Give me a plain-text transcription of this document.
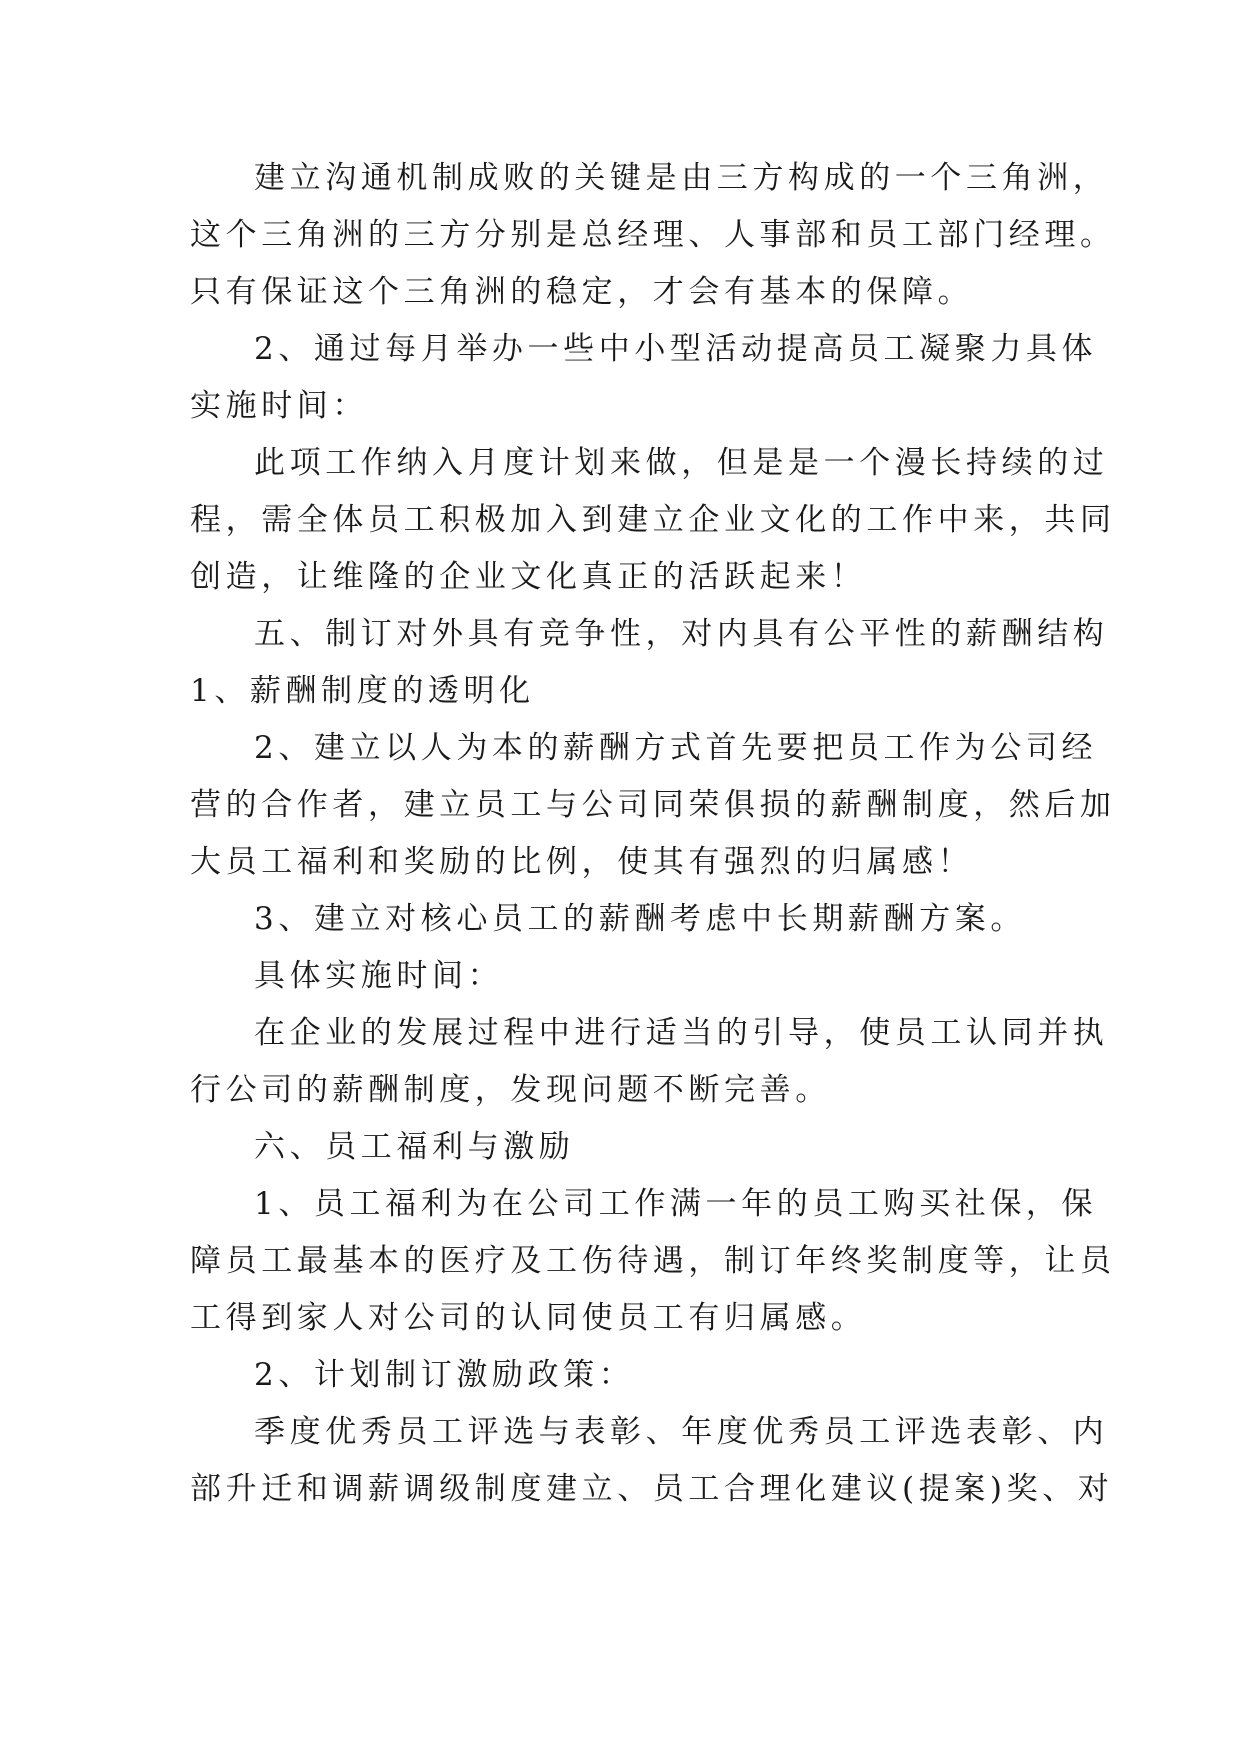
建立沟通机制成败的关键是由三方构成的一个三角洲，
这个三角洲的三方分别是总经理、人事部和员工部门经理。
只有保证这个三角洲的稳定，才会有基本的保障。
2、通过每月举办一些中小型活动提高员工凝聚力具体
实施时间：
此项工作纳入月度计划来做，但是是一个漫长持续的过
程，需全体员工积极加入到建立企业文化的工作中来，共同
创造，让维隆的企业文化真正的活跃起来！
五、制订对外具有竞争性，对内具有公平性的薪酬结构
1、薪酬制度的透明化
2、建立以人为本的薪酬方式首先要把员工作为公司经
营的合作者，建立员工与公司同荣俱损的薪酬制度，然后加
大员工福利和奖励的比例，使其有强烈的归属感！
3、建立对核心员工的薪酬考虑中长期薪酬方案。
具体实施时间：
在企业的发展过程中进行适当的引导，使员工认同并执
行公司的薪酬制度，发现问题不断完善。
六、员工福利与激励
1、员工福利为在公司工作满一年的员工购买社保，保
障员工最基本的医疗及工伤待遇，制订年终奖制度等，让员
工得到家人对公司的认同使员工有归属感。
2、计划制订激励政策：
季度优秀员工评选与表彰、年度优秀员工评选表彰、内
部升迁和调薪调级制度建立、员工合理化建议(提案)奖、对
